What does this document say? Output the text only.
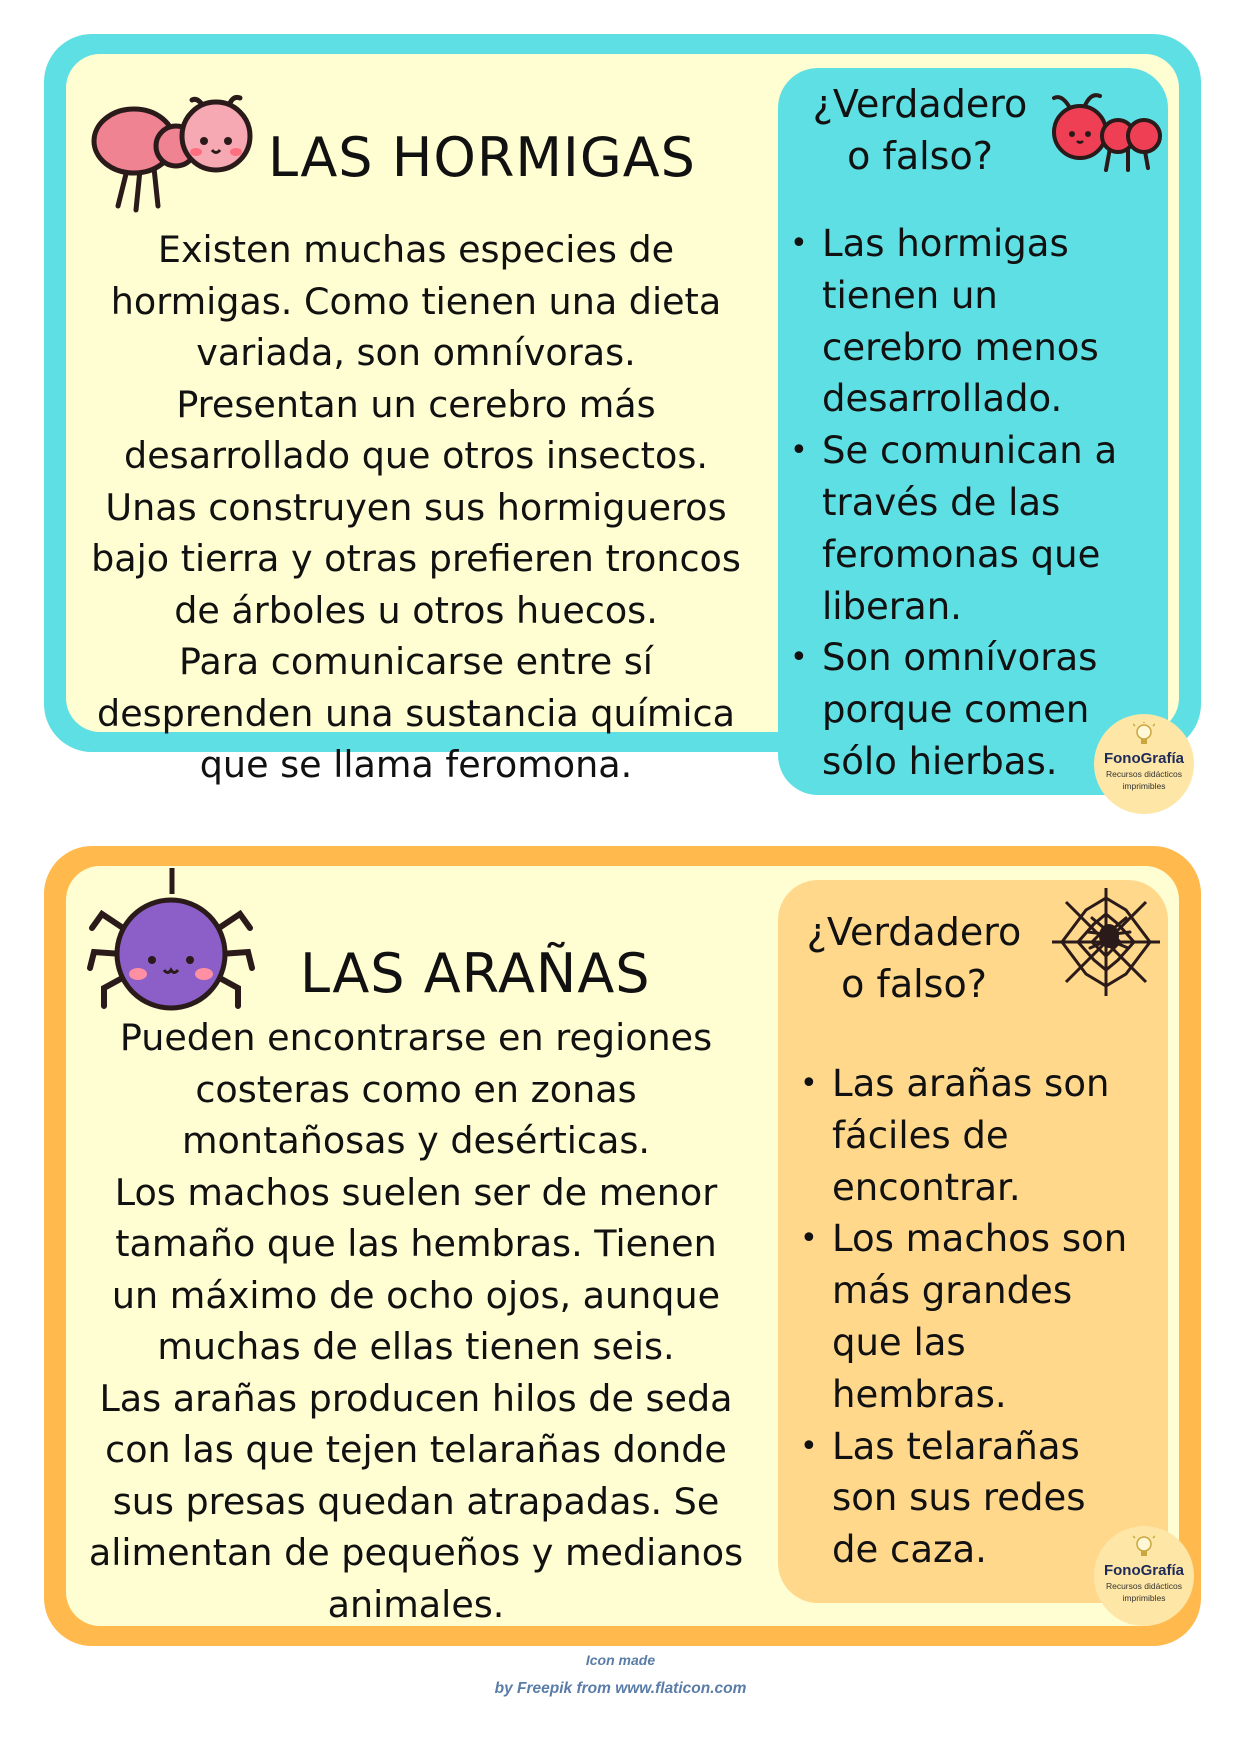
LAS HORMIGAS
Existen muchas especies de
hormigas. Como tienen una dieta
variada, son omnívoras.
Presentan un cerebro más
desarrollado que otros insectos.
Unas construyen sus hormigueros
bajo tierra y otras prefieren troncos
de árboles u otros huecos.
Para comunicarse entre sí
desprenden una sustancia química
que se llama feromona.
¿Verdadero
o falso?
• Las hormigas
tienen un
cerebro menos
desarrollado.
• Se comunican a
través de las
feromonas que
liberan.
• Son omnívoras
porque comen
sólo hierbas.	FonoGrafía
Recursos didácticos imprimibles
LAS ARAÑAS
Pueden encontrarse en regiones
costeras como en zonas
montañosas y desérticas.
Los machos suelen ser de menor
tamaño que las hembras. Tienen
un máximo de ocho ojos, aunque
muchas de ellas tienen seis.
Las arañas producen hilos de seda
con las que tejen telarañas donde
sus presas quedan atrapadas. Se
alimentan de pequeños y medianos
animales.
¿Verdadero
o falso?
• Las arañas son
fáciles de
encontrar.
• Los machos son
más grandes
que las
hembras.
• Las telarañas
son sus redes
de caza.	FonoGrafía
Recursos didácticos imprimibles
Icon made
by Freepik from www.flaticon.com
